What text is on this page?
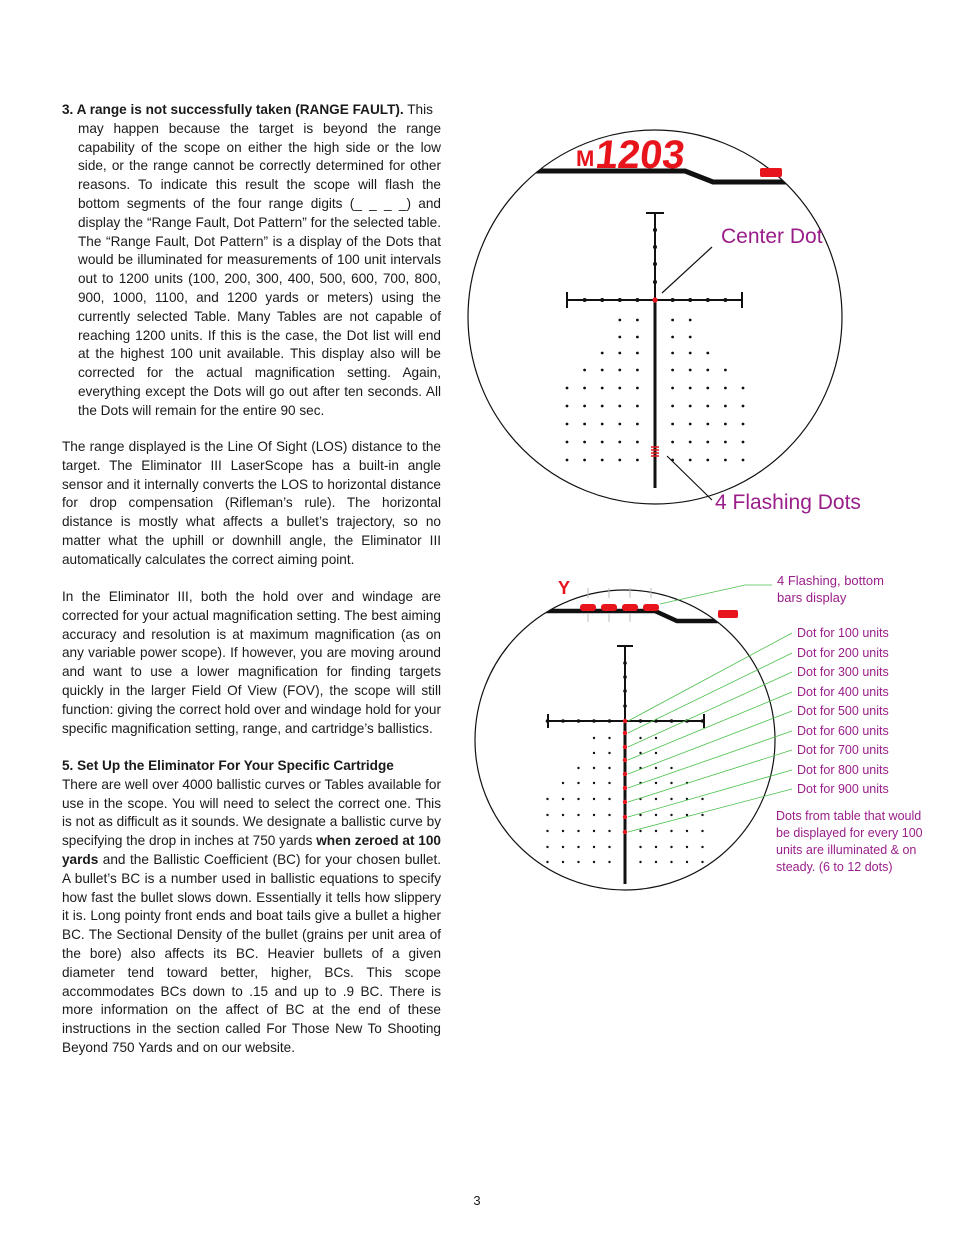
3. A range is not successfully taken (RANGE FAULT). This

may happen because the target is beyond the range capability of the scope on either the high side or the low side, or the range cannot be correctly determined for other reasons. To indicate this result the scope will flash the bottom segments of the four range digits (_ _ _ _) and display the “Range Fault, Dot Pattern” for the selected table. The “Range Fault, Dot Pattern” is a display of the Dots that would be illuminated for measurements of 100 unit intervals out to 1200 units (100, 200, 300, 400, 500, 600, 700, 800, 900, 1000, 1100, and 1200 yards or meters) using the currently selected Table. Many Tables are not capable of reaching 1200 units. If this is the case, the Dot list will end at the highest 100 unit available. This display also will be corrected for the actual magnification setting. Again, everything except the Dots will go out after ten seconds. All the Dots will remain for the entire 90 sec.

The range displayed is the Line Of Sight (LOS) distance to the target. The Eliminator III LaserScope has a built-in angle sensor and it internally converts the LOS to horizontal distance for drop compensation (Rifleman’s rule). The horizontal distance is mostly what affects a bullet’s trajectory, so no matter what the uphill or downhill angle, the Eliminator III automatically calculates the correct aiming point.

In the Eliminator III, both the hold over and windage are corrected for your actual magnification setting. The best aiming accuracy and resolution is at maximum magnification (as on any variable power scope). If however, you are moving around and want to use a lower magnification for finding targets quickly in the larger Field Of View (FOV), the scope will still function: giving the correct hold over and windage hold for your specific magnification setting, range, and cartridge’s ballistics.

5. Set Up the Eliminator For Your Specific Cartridge

There are well over 4000 ballistic curves or Tables available for use in the scope. You will need to select the correct one. This is not as difficult as it sounds. We designate a ballistic curve by specifying the drop in inches at 750 yards when zeroed at 100 yards and the Ballistic Coefficient (BC) for your chosen bullet. A bullet’s BC is a number used in ballistic equations to specify how fast the bullet slows down. Essentially it tells how slippery it is. Long pointy front ends and boat tails give a bullet a higher BC. The Sectional Density of the bullet (grains per unit area of the bore) also affects its BC. Heavier bullets of a given diameter tend toward better, higher, BCs. This scope accommodates BCs down to .15 and up to .9 BC. There is more information on the affect of BC at the end of these instructions in the section called For Those New To Shooting Beyond 750 Yards and on our website.

M 1203
Center Dot
4 Flashing Dots
Y	4 Flashing, bottom
bars display
Dot for 100 units
Dot for 200 units
Dot for 300 units
Dot for 400 units
Dot for 500 units
Dot for 600 units
Dot for 700 units
Dot for 800 units
Dot for 900 units
Dots from table that would
be displayed for every 100
units are illuminated & on
steady. (6 to 12 dots)
3
